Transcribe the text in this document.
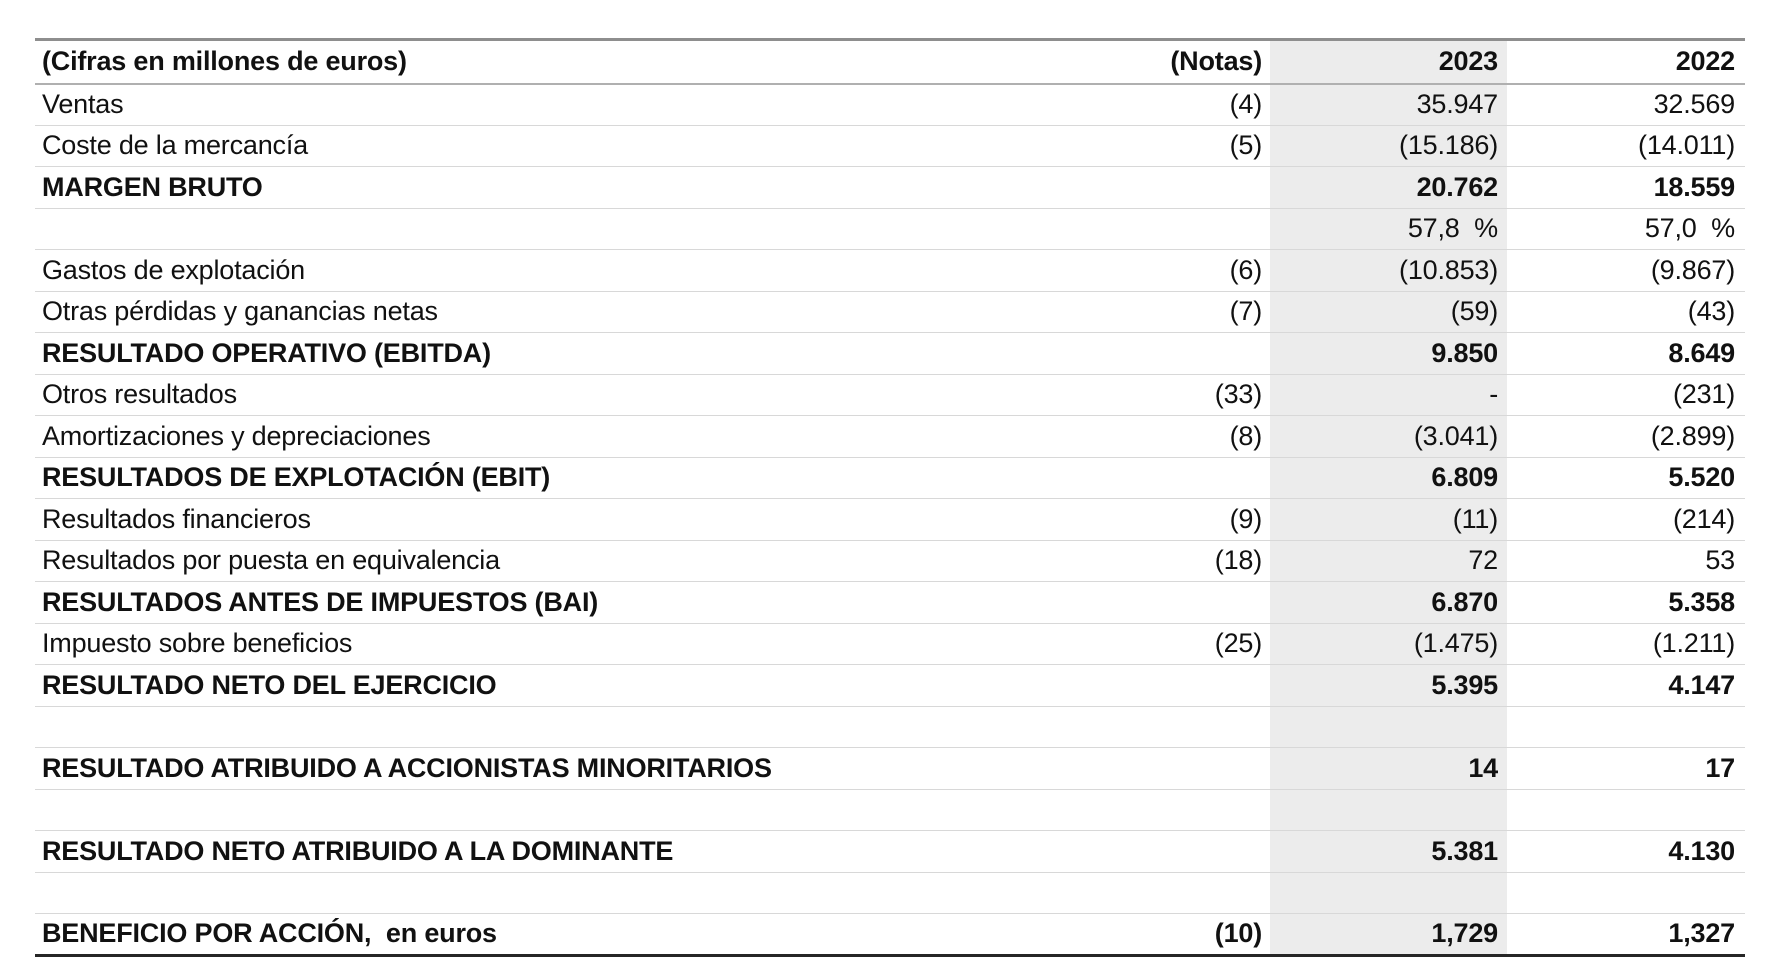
(Cifras en millones de euros)	(Notas)	2023	2022
Ventas	(4)	35.947	32.569
Coste de la mercancía	(5)	(15.186)	(14.011)
MARGEN BRUTO		20.762	18.559
		57,8  %	57,0  %
Gastos de explotación	(6)	(10.853)	(9.867)
Otras pérdidas y ganancias netas	(7)	(59)	(43)
RESULTADO OPERATIVO (EBITDA)		9.850	8.649
Otros resultados	(33)	-	(231)
Amortizaciones y depreciaciones	(8)	(3.041)	(2.899)
RESULTADOS DE EXPLOTACIÓN (EBIT)		6.809	5.520
Resultados financieros	(9)	(11)	(214)
Resultados por puesta en equivalencia	(18)	72	53
RESULTADOS ANTES DE IMPUESTOS (BAI)		6.870	5.358
Impuesto sobre beneficios	(25)	(1.475)	(1.211)
RESULTADO NETO DEL EJERCICIO		5.395	4.147

RESULTADO ATRIBUIDO A ACCIONISTAS MINORITARIOS		14	17

RESULTADO NETO ATRIBUIDO A LA DOMINANTE		5.381	4.130

BENEFICIO POR ACCIÓN,  en euros	(10)	1,729	1,327
